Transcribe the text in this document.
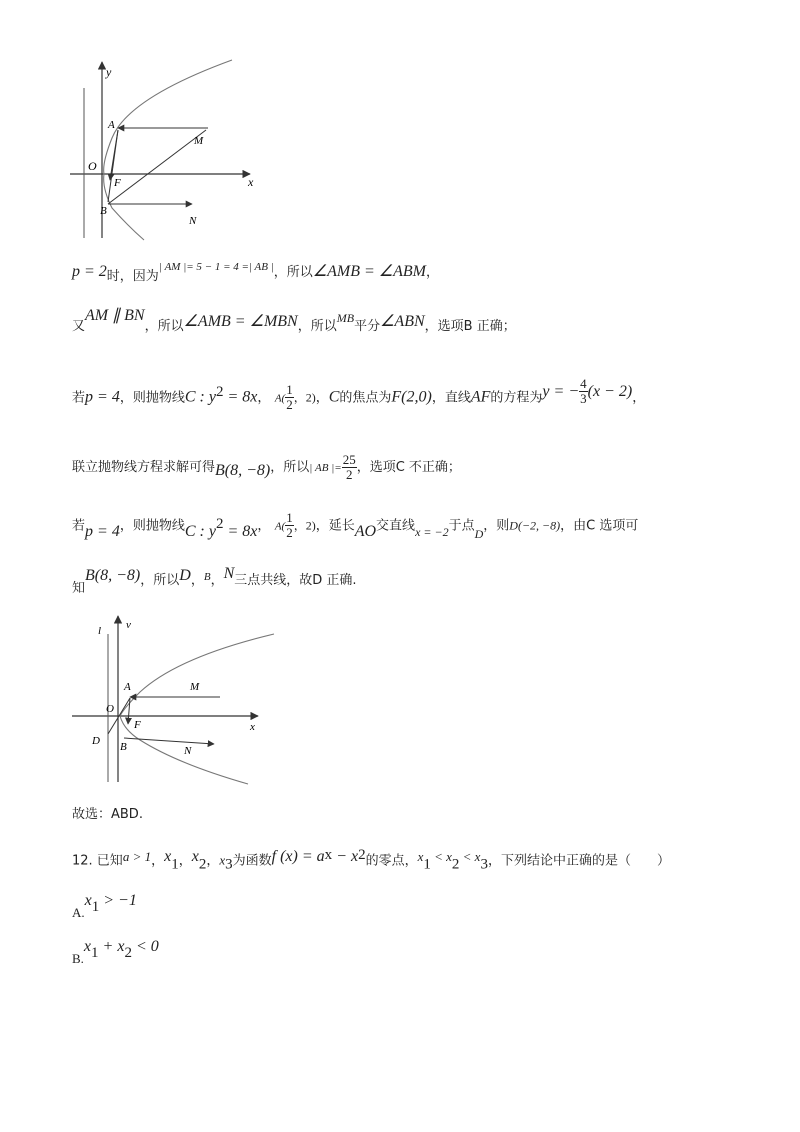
y
x
O
A
F
B
M
N
p = 2时，因为$^{| AM |= 5 - 1 = 4 =| AB |}$，所以∠AMB = ∠ABM，
又AM ∥ BN，所以∠AMB = ∠MBN，所以MB平分∠ABN，选项B 正确；
若p = 4，则抛物线C : $y^2 = 8x$， $A( \frac{1}{2}$ ，2)，C的焦点为F(2,0)，直线AF的方程为y = − $\frac{4}{3} (x - 2)$，
联立抛物线方程求解可得B(8, −8)，所以| AB |= $\frac{25}{2}$ ，选项C 不正确；
若p = 4，则抛物线C : $y^2 = 8x$， $A( \frac{1}{2}$ ，2)，延长AO交直线x = −2于点D，则D(−2, −8)，由C 选项可
知B(8, −8)，所以D，$^B$，N三点共线，故D 正确.
l v
x
O
A
F
D B
M
N
故选：ABD.
12. 已知a > 1，$x_1$，$x_2$，$x_3$为函数f $(x) = a^x - x^2$的零点，$x_1 < x_2 < x_3$，下列结论中正确的是（　　）
$A.x_1 > -1$
$B.x_1 + x_2 < 0$
